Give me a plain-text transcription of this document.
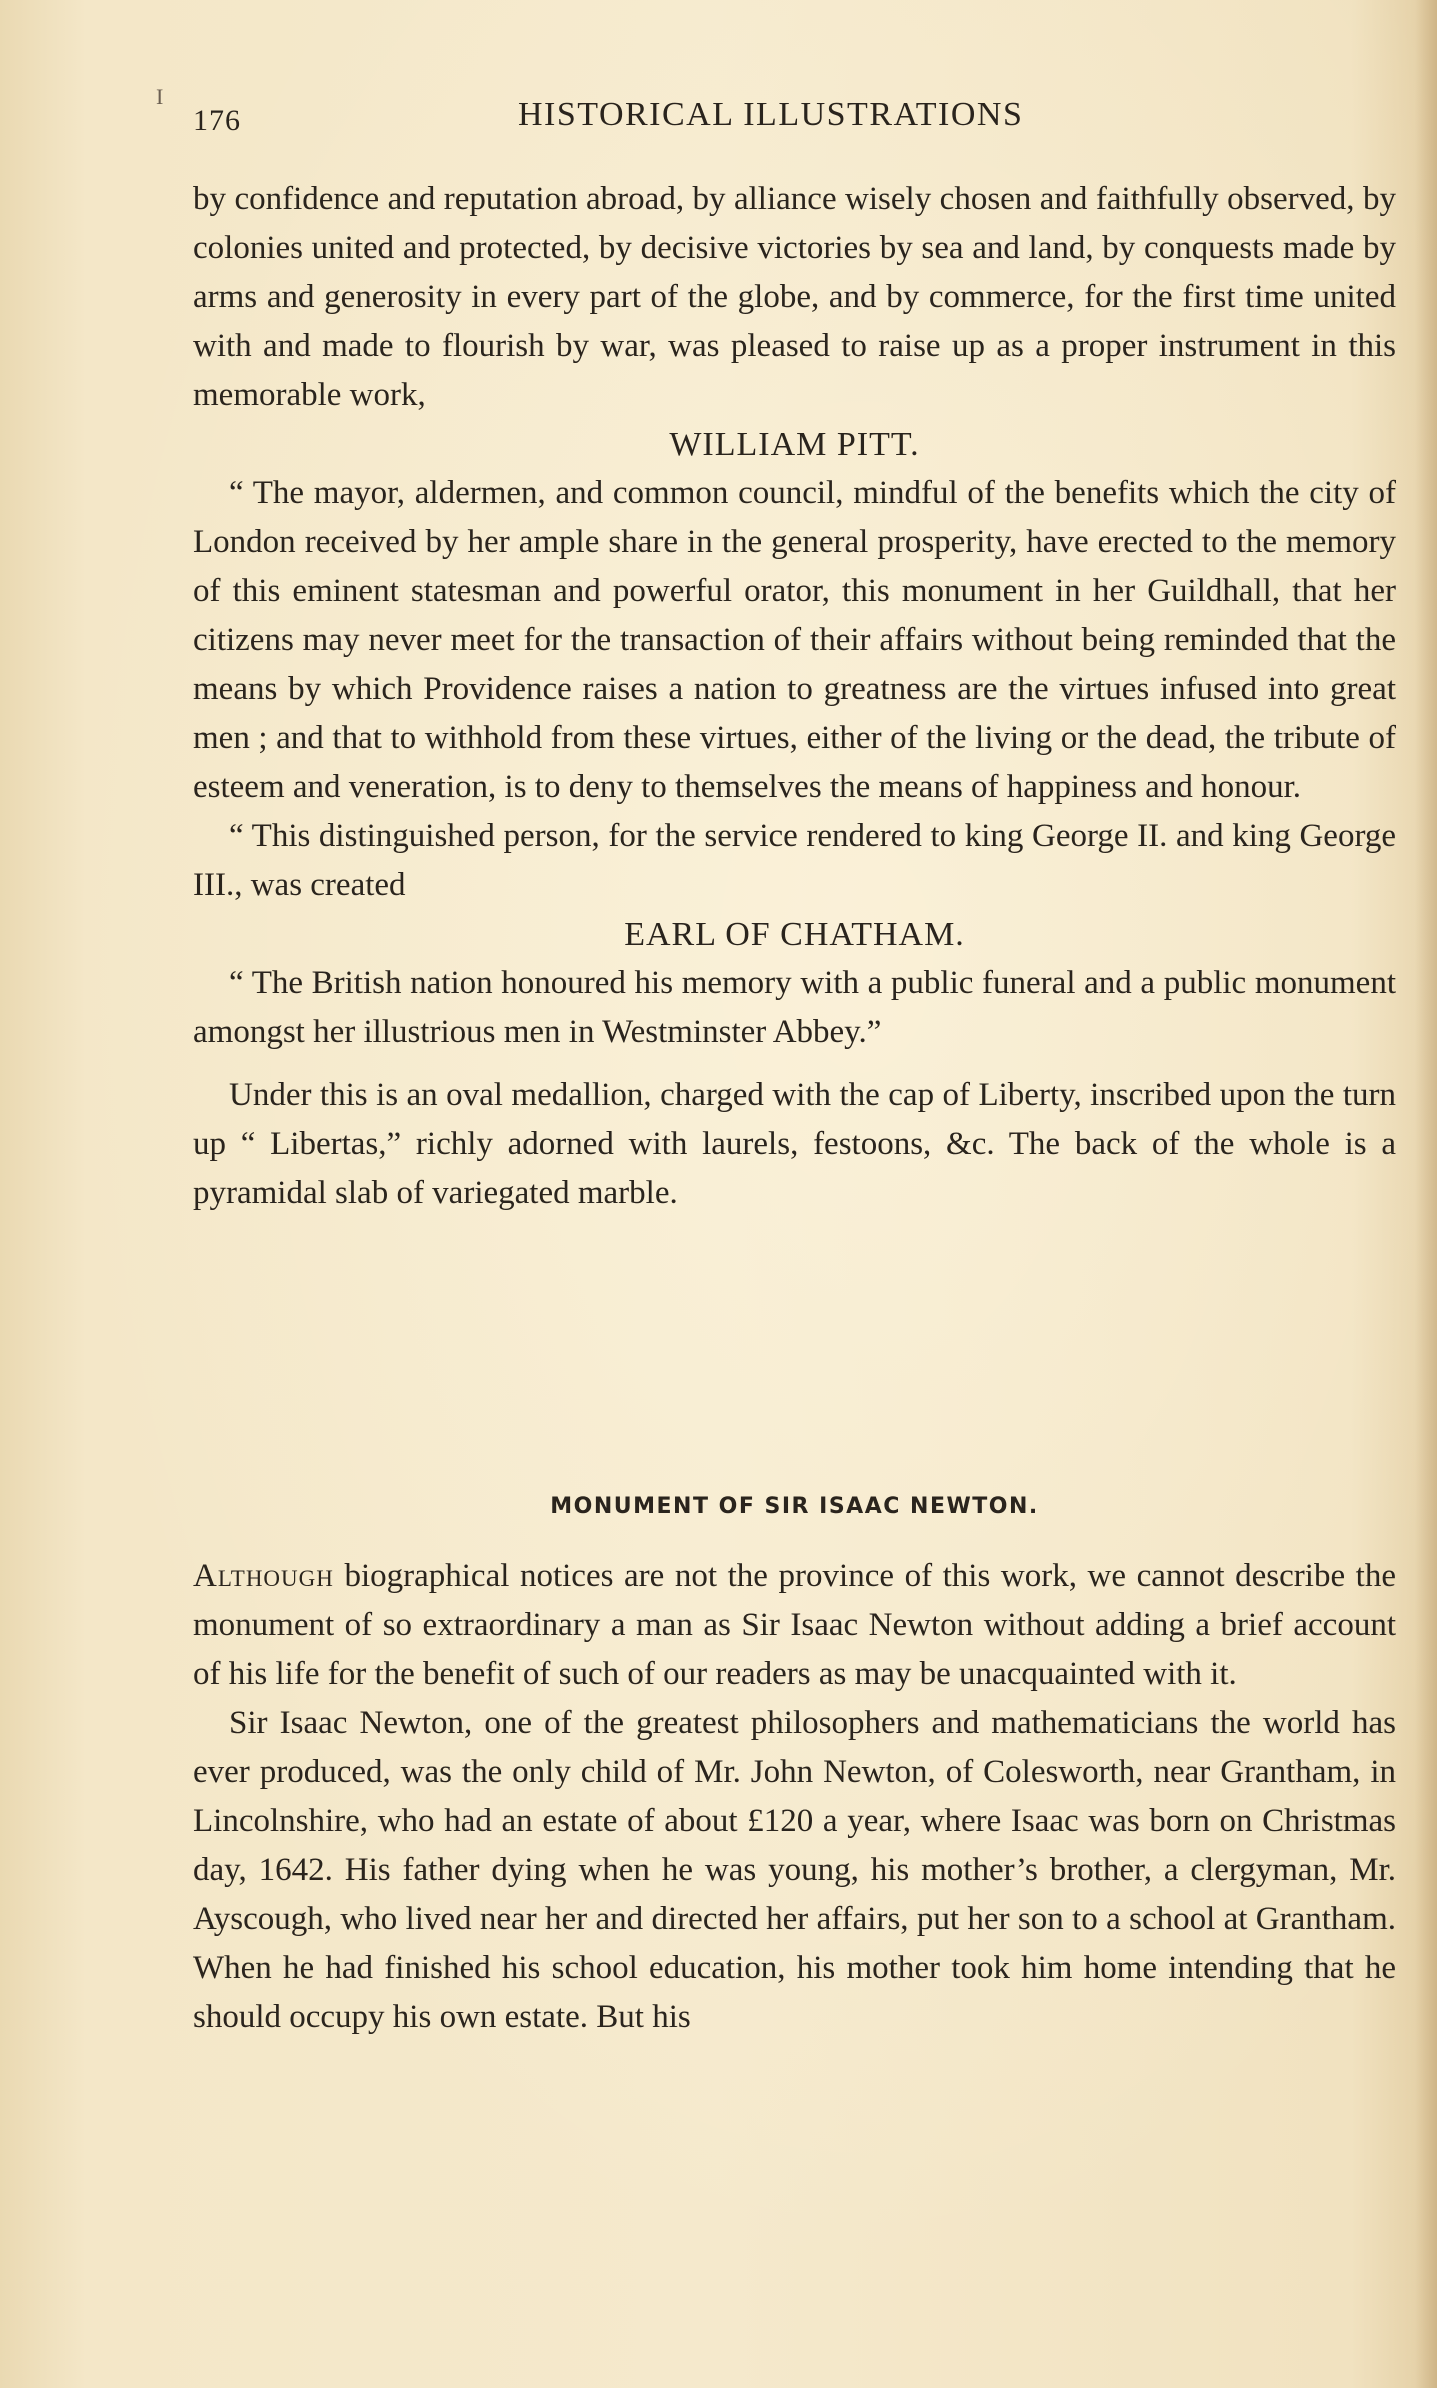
I
176	HISTORICAL ILLUSTRATIONS

by confidence and reputation abroad, by alliance wisely chosen and faithfully observed, by colonies united and protected, by decisive victories by sea and land, by conquests made by arms and generosity in every part of the globe, and by commerce, for the first time united with and made to flourish by war, was pleased to raise up as a proper instrument in this memorable work,

WILLIAM PITT.

“ The mayor, aldermen, and common council, mindful of the benefits which the city of London received by her ample share in the general prosperity, have erected to the memory of this eminent statesman and powerful orator, this monument in her Guildhall, that her citizens may never meet for the transaction of their affairs without being reminded that the means by which Providence raises a nation to greatness are the virtues infused into great men ; and that to withhold from these virtues, either of the living or the dead, the tribute of esteem and veneration, is to deny to themselves the means of happiness and honour.

“ This distinguished person, for the service rendered to king George II. and king George III., was created

EARL OF CHATHAM.

“ The British nation honoured his memory with a public funeral and a public monument amongst her illustrious men in Westminster Abbey.”

Under this is an oval medallion, charged with the cap of Liberty, inscribed upon the turn up “ Libertas,” richly adorned with laurels, festoons, &c. The back of the whole is a pyramidal slab of variegated marble.

MONUMENT OF SIR ISAAC NEWTON.

Although biographical notices are not the province of this work, we cannot describe the monument of so extraordinary a man as Sir Isaac Newton without adding a brief account of his life for the benefit of such of our readers as may be unacquainted with it.

Sir Isaac Newton, one of the greatest philosophers and mathematicians the world has ever produced, was the only child of Mr. John Newton, of Colesworth, near Grantham, in Lincolnshire, who had an estate of about £120 a year, where Isaac was born on Christmas day, 1642. His father dying when he was young, his mother’s brother, a clergyman, Mr. Ayscough, who lived near her and directed her affairs, put her son to a school at Grantham. When he had finished his school education, his mother took him home intending that he should occupy his own estate. But his
